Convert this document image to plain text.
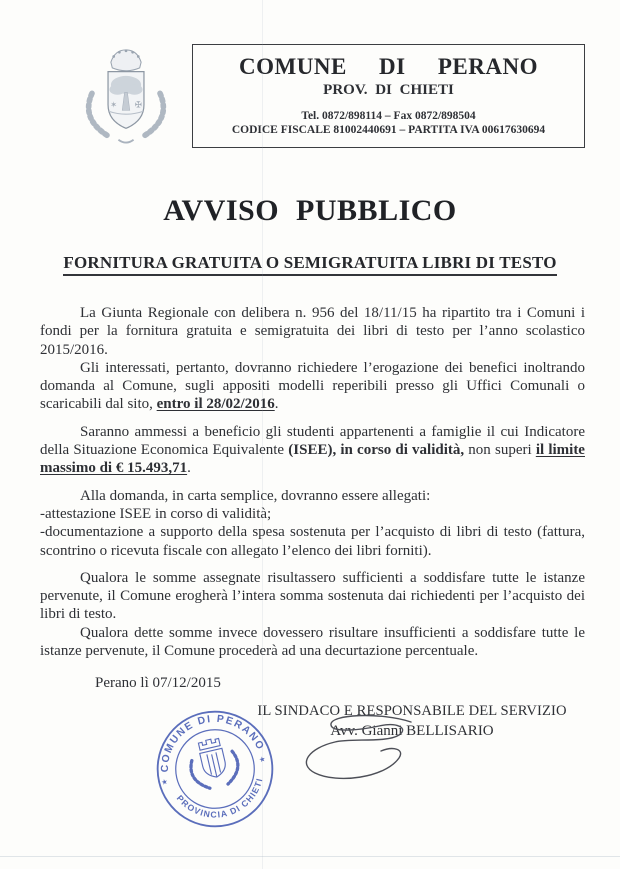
✶ ✠
COMUNE DI PERANO
PROV. DI CHIETI
Tel. 0872/898114 – Fax 0872/898504
CODICE FISCALE 81002440691 – PARTITA IVA 00617630694
AVVISO PUBBLICO
FORNITURA GRATUITA O SEMIGRATUITA LIBRI DI TESTO

La Giunta Regionale con delibera n. 956 del 18/11/15 ha ripartito tra i Comuni i fondi per la fornitura gratuita e semigratuita dei libri di testo per l’anno scolastico 2015/2016.

Gli interessati, pertanto, dovranno richiedere l’erogazione dei benefici inoltrando domanda al Comune, sugli appositi modelli reperibili presso gli Uffici Comunali o scaricabili dal sito, entro il 28/02/2016.

Saranno ammessi a beneficio gli studenti appartenenti a famiglie il cui Indicatore della Situazione Economica Equivalente (ISEE), in corso di validità, non superi il limite massimo di € 15.493,71.

Alla domanda, in carta semplice, dovranno essere allegati:

-attestazione ISEE in corso di validità;

-documentazione a supporto della spesa sostenuta per l’acquisto di libri di testo (fattura, scontrino o ricevuta fiscale con allegato l’elenco dei libri forniti).

Qualora le somme assegnate risultassero sufficienti a soddisfare tutte le istanze pervenute, il Comune erogherà l’intera somma sostenuta dai richiedenti per l’acquisto dei libri di testo.

Qualora dette somme invece dovessero risultare insufficienti a soddisfare tutte le istanze pervenute, il Comune procederà ad una decurtazione percentuale.

Perano lì 07/12/2015
IL SINDACO E RESPONSABILE DEL SERVIZIO
Avv. Gianni BELLISARIO
COMUNE DI PERANO
PROVINCIA DI CHIETI
★
★
